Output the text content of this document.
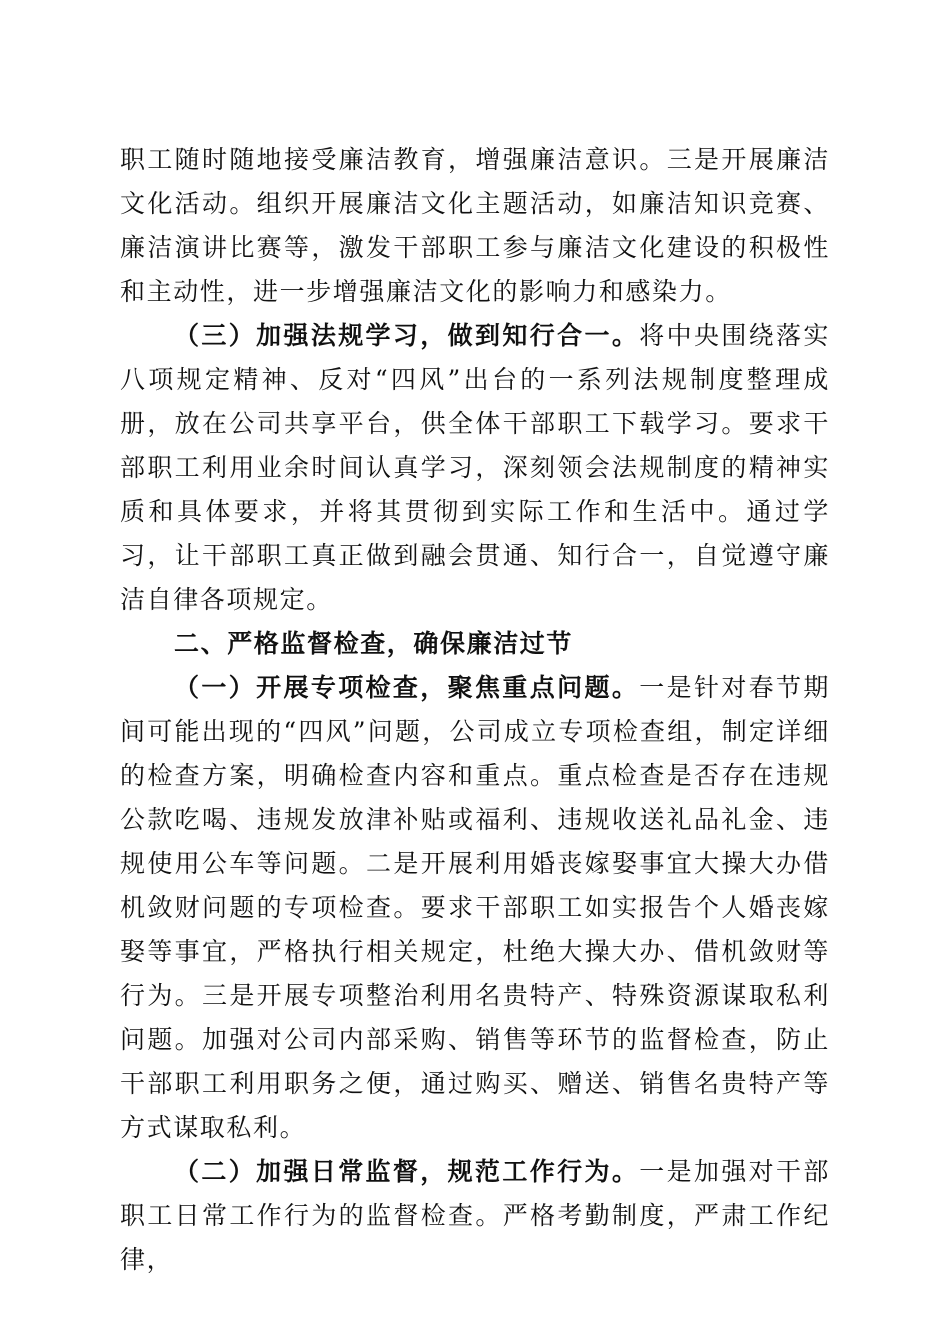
职工随时随地接受廉洁教育，增强廉洁意识。三是开展廉洁文化活动。组织开展廉洁文化主题活动，如廉洁知识竞赛、廉洁演讲比赛等，激发干部职工参与廉洁文化建设的积极性和主动性，进一步增强廉洁文化的影响力和感染力。

（三）加强法规学习，做到知行合一。将中央围绕落实八项规定精神、反对“四风”出台的一系列法规制度整理成册，放在公司共享平台，供全体干部职工下载学习。要求干部职工利用业余时间认真学习，深刻领会法规制度的精神实质和具体要求，并将其贯彻到实际工作和生活中。通过学习，让干部职工真正做到融会贯通、知行合一，自觉遵守廉洁自律各项规定。

二、严格监督检查，确保廉洁过节

（一）开展专项检查，聚焦重点问题。一是针对春节期间可能出现的“四风”问题，公司成立专项检查组，制定详细的检查方案，明确检查内容和重点。重点检查是否存在违规公款吃喝、违规发放津补贴或福利、违规收送礼品礼金、违规使用公车等问题。二是开展利用婚丧嫁娶事宜大操大办借机敛财问题的专项检查。要求干部职工如实报告个人婚丧嫁娶等事宜，严格执行相关规定，杜绝大操大办、借机敛财等行为。三是开展专项整治利用名贵特产、特殊资源谋取私利问题。加强对公司内部采购、销售等环节的监督检查，防止干部职工利用职务之便，通过购买、赠送、销售名贵特产等方式谋取私利。

（二）加强日常监督，规范工作行为。一是加强对干部职工日常工作行为的监督检查。严格考勤制度，严肃工作纪律，
